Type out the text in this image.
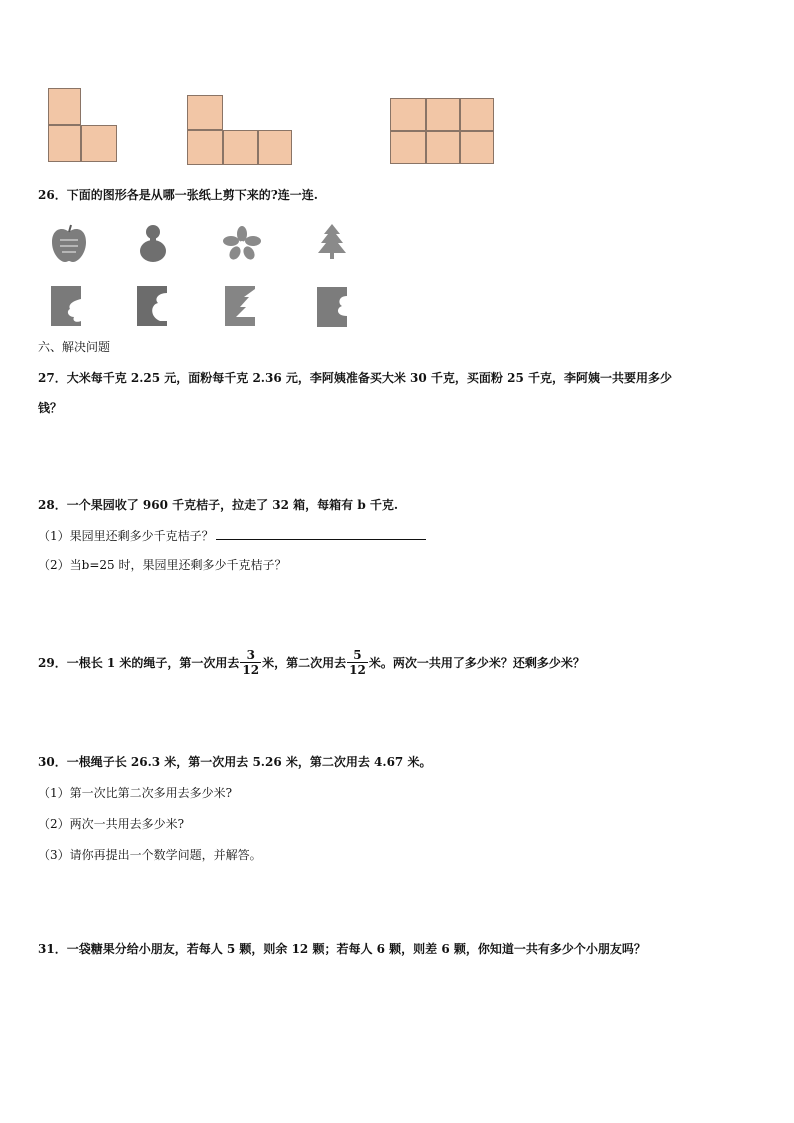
26．下面的图形各是从哪一张纸上剪下来的?连一连.
六、解决问题
27．大米每千克 2.25 元，面粉每千克 2.36 元，李阿姨准备买大米 30 千克，买面粉 25 千克，李阿姨一共要用多少
钱？
28．一个果园收了 960 千克桔子，拉走了 32 箱，每箱有 b 千克.
（1）果园里还剩多少千克桔子？
（2）当b=25 时，果园里还剩多少千克桔子？
29．一根长 1 米的绳子，第一次用去 $\frac{3}{12}$ 米，第二次用去 $\frac{5}{12}$ 米。两次一共用了多少米？还剩多少米？
30．一根绳子长 26.3 米，第一次用去 5.26 米，第二次用去 4.67 米。
（1）第一次比第二次多用去多少米?
（2）两次一共用去多少米?
（3）请你再提出一个数学问题，并解答。
31．一袋糖果分给小朋友，若每人 5 颗，则余 12 颗；若每人 6 颗，则差 6 颗，你知道一共有多少个小朋友吗？
